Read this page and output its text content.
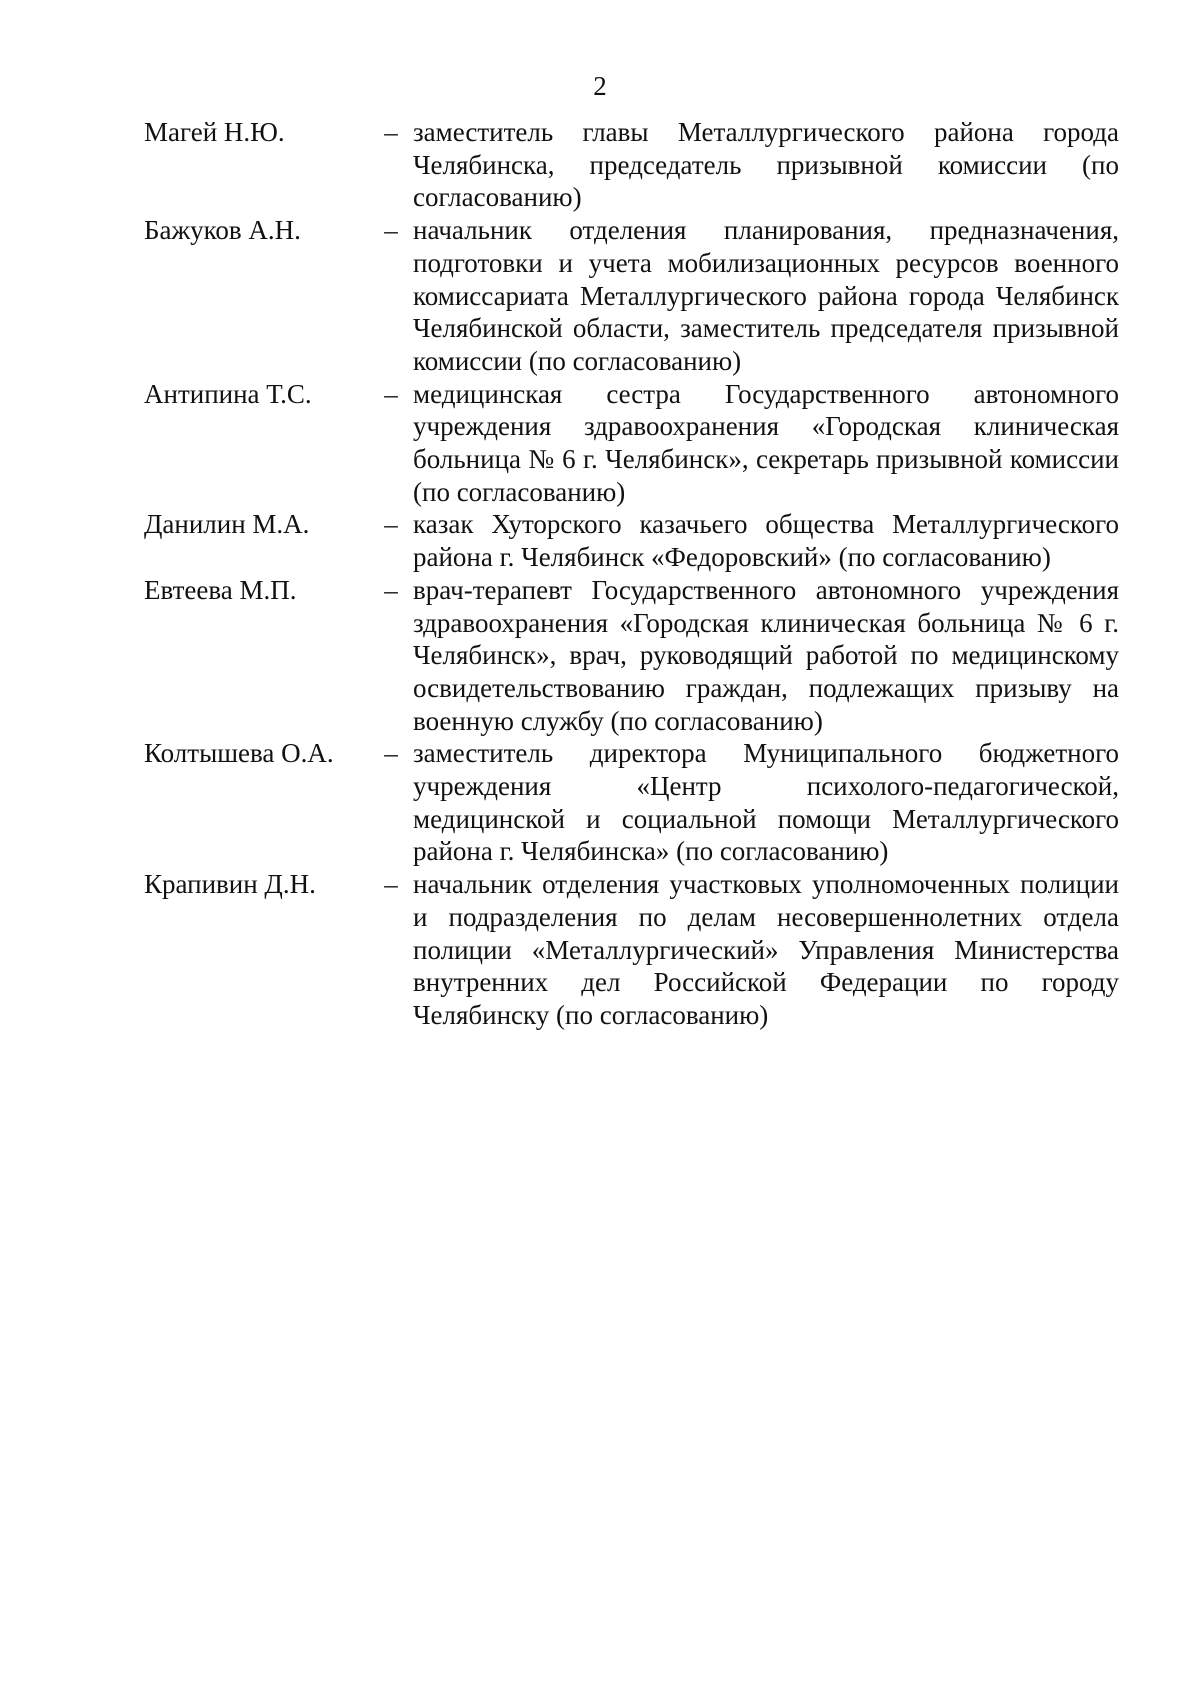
2
Магей Н.Ю.	– заместитель главы Металлургического района города Челябинска, председатель призывной комиссии (по согласованию)
Бажуков А.Н.	– начальник отделения планирования, предназначения, подготовки и учета мобилизационных ресурсов военного комиссариата Металлургического района города Челябинск Челябинской области, заместитель председателя призывной комиссии (по согласованию)
Антипина Т.С.	– медицинская сестра Государственного автономного учреждения здравоохранения «Городская клиническая больница № 6 г. Челябинск», секретарь призывной комиссии (по согласованию)
Данилин М.А.	– казак Хуторского казачьего общества Металлургического района г. Челябинск «Федоровский» (по согласованию)
Евтеева М.П.	– врач-терапевт Государственного автономного учреждения здравоохранения «Городская клиническая больница № 6 г. Челябинск», врач, руководящий работой по медицинскому освидетельствованию граждан, подлежащих призыву на военную службу (по согласованию)
Колтышева О.А.	– заместитель директора Муниципального бюджетного учреждения «Центр психолого-педагогической, медицинской и социальной помощи Металлургического района г. Челябинска» (по согласованию)
Крапивин Д.Н.	– начальник отделения участковых уполномоченных полиции и подразделения по делам несовершеннолетних отдела полиции «Металлургический» Управления Министерства внутренних дел Российской Федерации по городу Челябинску (по согласованию)
